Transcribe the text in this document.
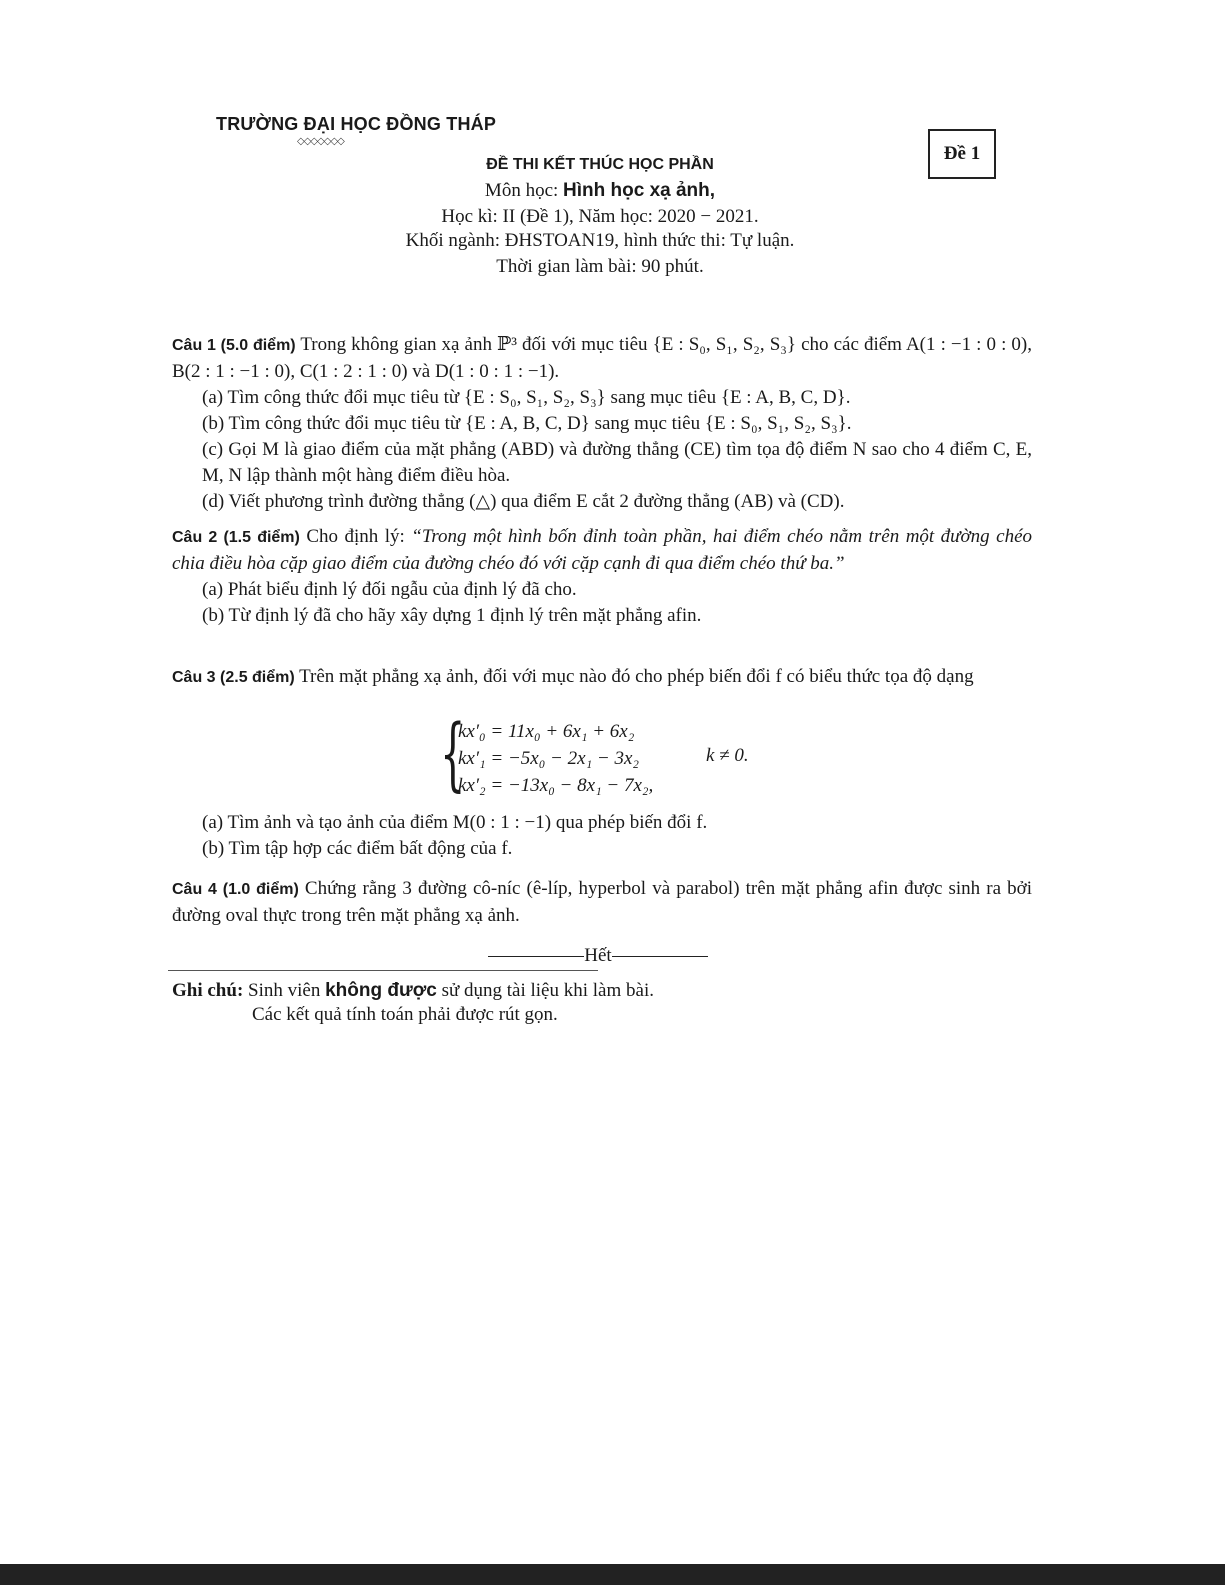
TRƯỜNG ĐẠI HỌC ĐỒNG THÁP
◇◇◇◇◇◇◇
Đề 1
ĐỀ THI KẾT THÚC HỌC PHẦN
Môn học: Hình học xạ ảnh,
Học kì: II (Đề 1), Năm học: 2020 − 2021.
Khối ngành: ĐHSTOAN19, hình thức thi: Tự luận.
Thời gian làm bài: 90 phút.
Câu 1 (5.0 điểm) Trong không gian xạ ảnh ℙ³ đối với mục tiêu {E : S₀, S₁, S₂, S₃} cho các điểm A(1 : −1 : 0 : 0), B(2 : 1 : −1 : 0), C(1 : 2 : 1 : 0) và D(1 : 0 : 1 : −1).
(a) Tìm công thức đổi mục tiêu từ {E : S₀, S₁, S₂, S₃} sang mục tiêu {E : A, B, C, D}.
(b) Tìm công thức đổi mục tiêu từ {E : A, B, C, D} sang mục tiêu {E : S₀, S₁, S₂, S₃}.
(c) Gọi M là giao điểm của mặt phẳng (ABD) và đường thẳng (CE) tìm tọa độ điểm N sao cho 4 điểm C, E, M, N lập thành một hàng điểm điều hòa.
(d) Viết phương trình đường thẳng (△) qua điểm E cắt 2 đường thẳng (AB) và (CD).
Câu 2 (1.5 điểm) Cho định lý: “Trong một hình bốn đỉnh toàn phần, hai điểm chéo nằm trên một đường chéo chia điều hòa cặp giao điểm của đường chéo đó với cặp cạnh đi qua điểm chéo thứ ba.”
(a) Phát biểu định lý đối ngẫu của định lý đã cho.
(b) Từ định lý đã cho hãy xây dựng 1 định lý trên mặt phẳng afin.
Câu 3 (2.5 điểm) Trên mặt phẳng xạ ảnh, đối với mục nào đó cho phép biến đổi f có biểu thức tọa độ dạng
{
kx′₀ = 11x₀ + 6x₁ + 6x₂
kx′₁ = −5x₀ − 2x₁ − 3x₂
kx′₂ = −13x₀ − 8x₁ − 7x₂,
k ≠ 0.
(a) Tìm ảnh và tạo ảnh của điểm M(0 : 1 : −1) qua phép biến đổi f.
(b) Tìm tập hợp các điểm bất động của f.
Câu 4 (1.0 điểm) Chứng rằng 3 đường cô-níc (ê-líp, hyperbol và parabol) trên mặt phẳng afin được sinh ra bởi đường oval thực trong trên mặt phẳng xạ ảnh.
Hết
Ghi chú: Sinh viên không được sử dụng tài liệu khi làm bài.
Các kết quả tính toán phải được rút gọn.
